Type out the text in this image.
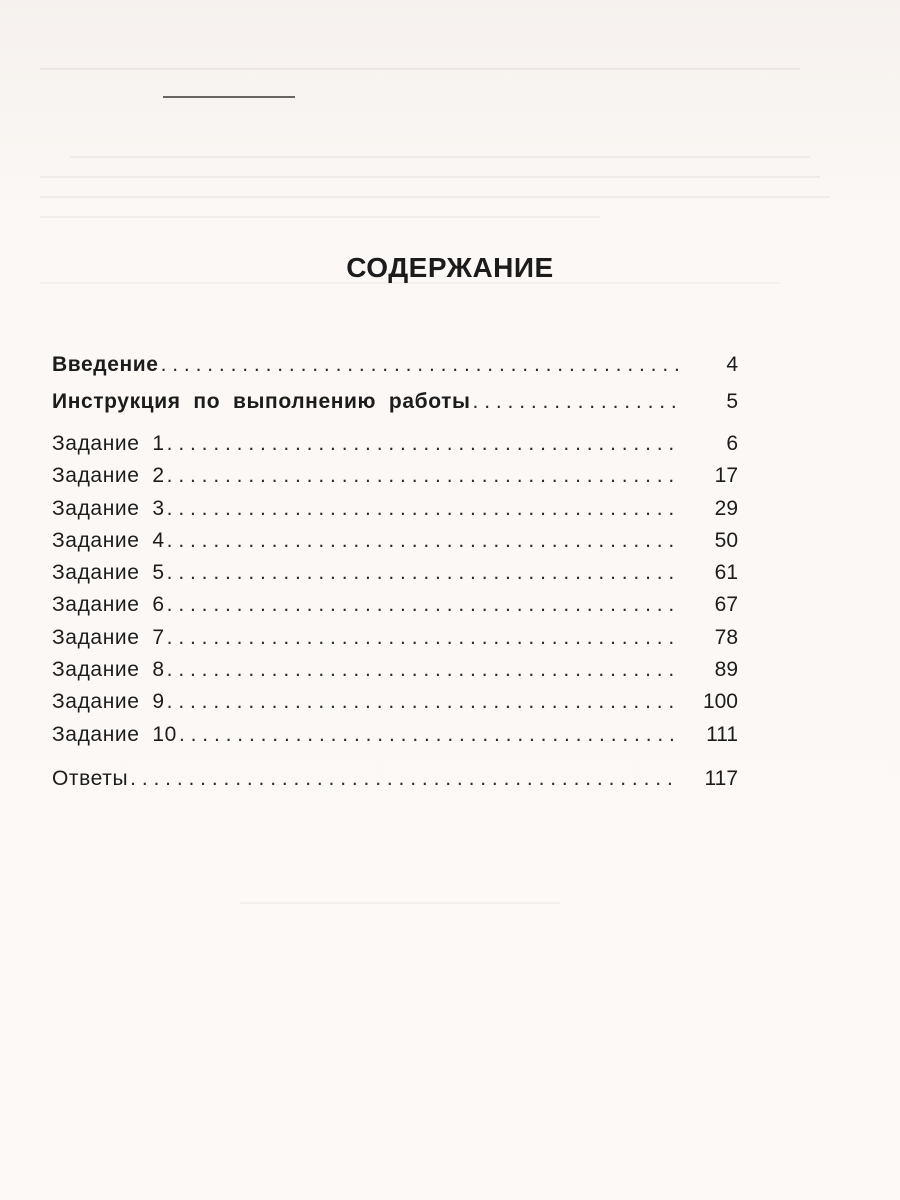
СОДЕРЖАНИЕ
Введение . . .	4
Инструкция  по  выполнению  работы . . .	5
Задание  1 . . .	6
Задание  2 . . .	17
Задание  3 . . .	29
Задание  4 . . .	50
Задание  5 . . .	61
Задание  6 . . .	67
Задание  7 . . .	78
Задание  8 . . .	89
Задание  9 . . .	100
Задание  10 . . .	111
Ответы . . .	117
